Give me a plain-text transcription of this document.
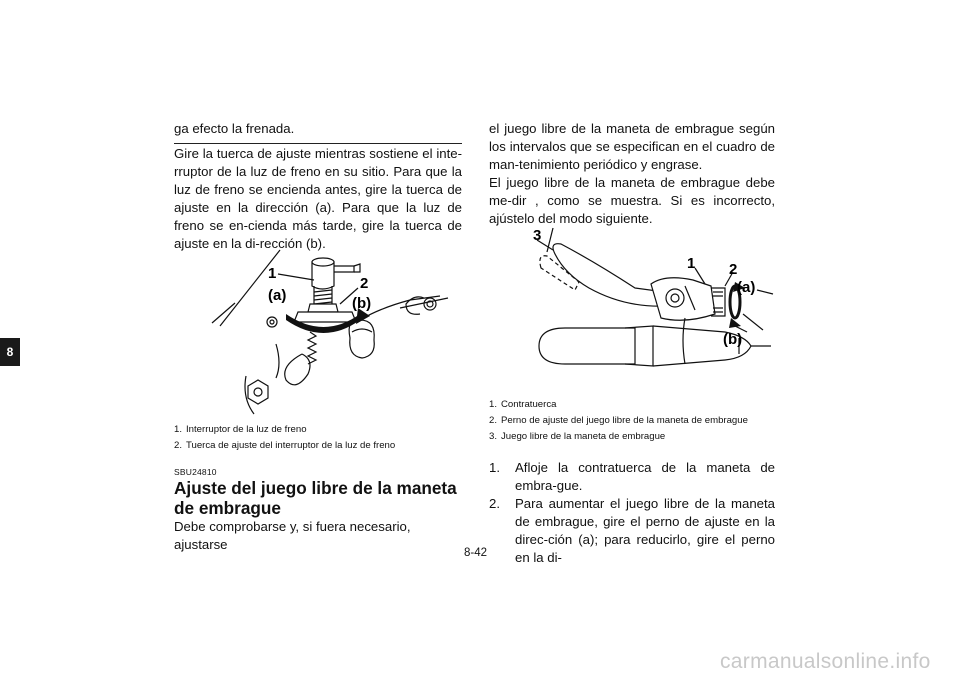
8
ga efecto la frenada.
Gire la tuerca de ajuste mientras sostiene el inte-rruptor de la luz de freno en su sitio. Para que la luz de freno se encienda antes, gire la tuerca de ajuste en la dirección (a). Para que la luz de freno se en-cienda más tarde, gire la tuerca de ajuste en la di-rección (b).
1
2
(a)	(b)
1. Interruptor de la luz de freno
2. Tuerca de ajuste del interruptor de la luz de freno
SBU24810
Ajuste del juego libre de la maneta de embrague
Debe comprobarse y, si fuera necesario, ajustarse
el juego libre de la maneta de embrague según los intervalos que se especifican en el cuadro de man-tenimiento periódico y engrase.
El juego libre de la maneta de embrague debe me-dir , como se muestra. Si es incorrecto, ajústelo del modo siguiente.
3
1 2
(a)
(b)
1. Contratuerca
2. Perno de ajuste del juego libre de la maneta de embrague
3. Juego libre de la maneta de embrague
1.	Afloje la contratuerca de la maneta de embra-gue.
2.	Para aumentar el juego libre de la maneta de embrague, gire el perno de ajuste en la direc-ción (a); para reducirlo, gire el perno en la di-
8-42
carmanualsonline.info
